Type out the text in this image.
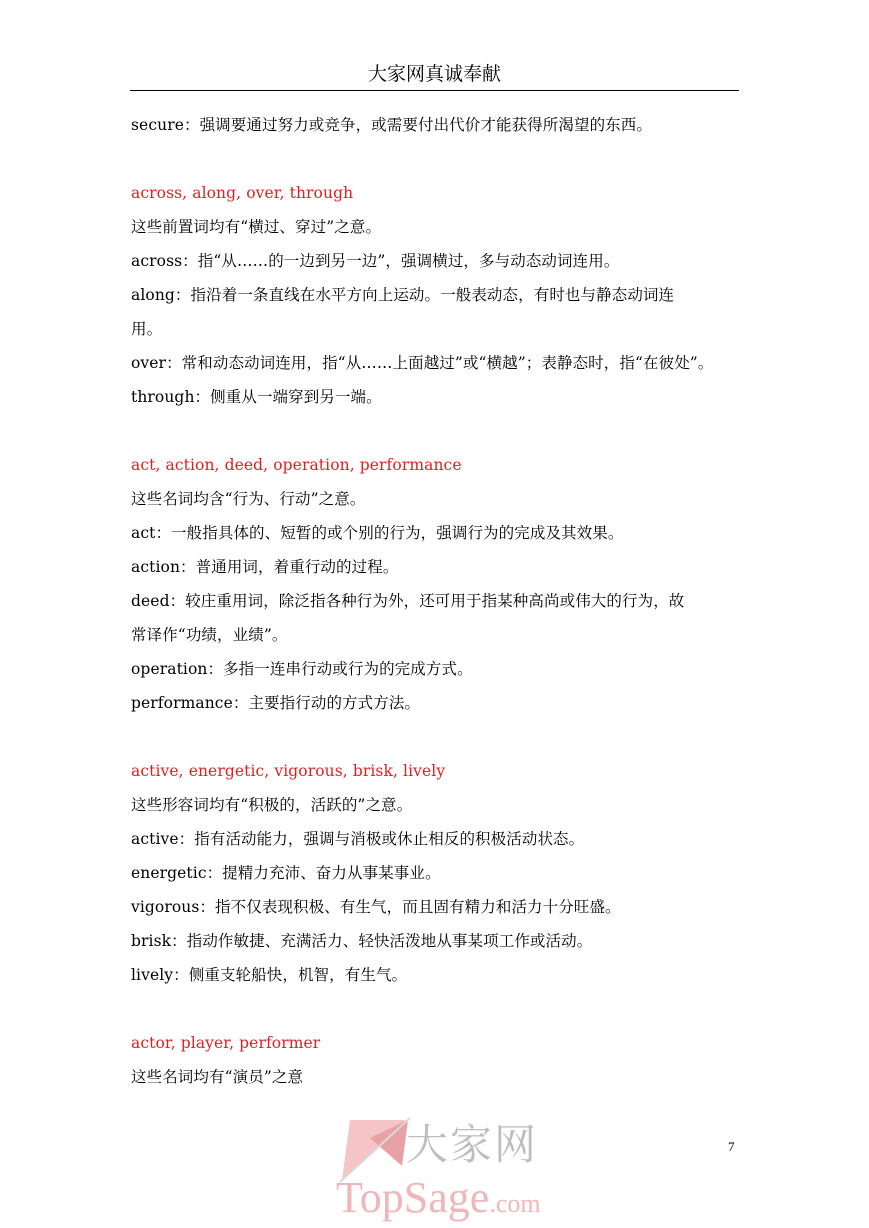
大家网真诚奉献
secure：强调要通过努力或竞争，或需要付出代价才能获得所渴望的东西。
across, along, over, through
这些前置词均有“横过、穿过”之意。
across：指“从……的一边到另一边”，强调横过，多与动态动词连用。
along：指沿着一条直线在水平方向上运动。一般表动态，有时也与静态动词连
用。
over：常和动态动词连用，指“从……上面越过”或“横越”；表静态时，指“在彼处”。
through：侧重从一端穿到另一端。
act, action, deed, operation, performance
这些名词均含“行为、行动”之意。
act：一般指具体的、短暂的或个别的行为，强调行为的完成及其效果。
action：普通用词，着重行动的过程。
deed：较庄重用词，除泛指各种行为外，还可用于指某种高尚或伟大的行为，故
常译作“功绩，业绩”。
operation：多指一连串行动或行为的完成方式。
performance：主要指行动的方式方法。
active, energetic, vigorous, brisk, lively
这些形容词均有“积极的，活跃的”之意。
active：指有活动能力，强调与消极或休止相反的积极活动状态。
energetic：提精力充沛、奋力从事某事业。
vigorous：指不仅表现积极、有生气，而且固有精力和活力十分旺盛。
brisk：指动作敏捷、充满活力、轻快活泼地从事某项工作或活动。
lively：侧重支轮船快，机智，有生气。
actor, player, performer
这些名词均有“演员”之意
7
大家网
TopSage.com
